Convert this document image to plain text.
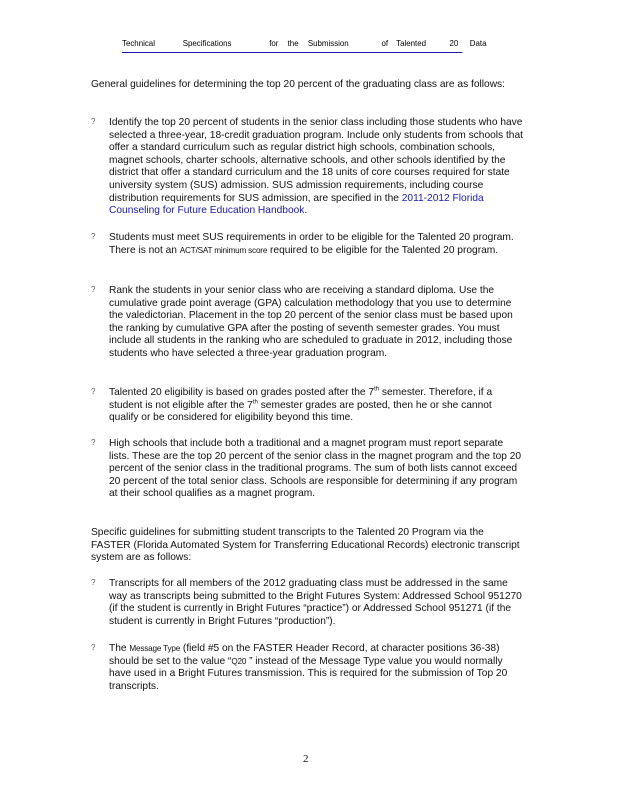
Technical	Specifications	for the Submission	of Talented	20 Data

General guidelines for determining the top 20 percent of the graduating class are as follows:

? Identify the top 20 percent of students in the senior class including those students who have selected a three-year, 18-credit graduation program. Include only students from schools that offer a standard curriculum such as regular district high schools, combination schools, magnet schools, charter schools, alternative schools, and other schools identified by the district that offer a standard curriculum and the 18 units of core courses required for state university system (SUS) admission. SUS admission requirements, including course distribution requirements for SUS admission, are specified in the 2011-2012 Florida Counseling for Future Education Handbook.

? Students must meet SUS requirements in order to be eligible for the Talented 20 program. There is not an ACT/SAT minimum score required to be eligible for the Talented 20 program.

? Rank the students in your senior class who are receiving a standard diploma. Use the cumulative grade point average (GPA) calculation methodology that you use to determine the valedictorian. Placement in the top 20 percent of the senior class must be based upon the ranking by cumulative GPA after the posting of seventh semester grades. You must include all students in the ranking who are scheduled to graduate in 2012, including those students who have selected a three-year graduation program.

? Talented 20 eligibility is based on grades posted after the 7th semester. Therefore, if a student is not eligible after the 7th semester grades are posted, then he or she cannot qualify or be considered for eligibility beyond this time.

? High schools that include both a traditional and a magnet program must report separate lists. These are the top 20 percent of the senior class in the magnet program and the top 20 percent of the senior class in the traditional programs. The sum of both lists cannot exceed 20 percent of the total senior class. Schools are responsible for determining if any program at their school qualifies as a magnet program.

Specific guidelines for submitting student transcripts to the Talented 20 Program via the FASTER (Florida Automated System for Transferring Educational Records) electronic transcript system are as follows:

? Transcripts for all members of the 2012 graduating class must be addressed in the same way as transcripts being submitted to the Bright Futures System: Addressed School 951270 (if the student is currently in Bright Futures “practice”) or Addressed School 951271 (if the student is currently in Bright Futures “production”).

? The Message Type (field #5 on the FASTER Header Record, at character positions 36-38) should be set to the value “Q20 ” instead of the Message Type value you would normally have used in a Bright Futures transmission. This is required for the submission of Top 20 transcripts.

2
